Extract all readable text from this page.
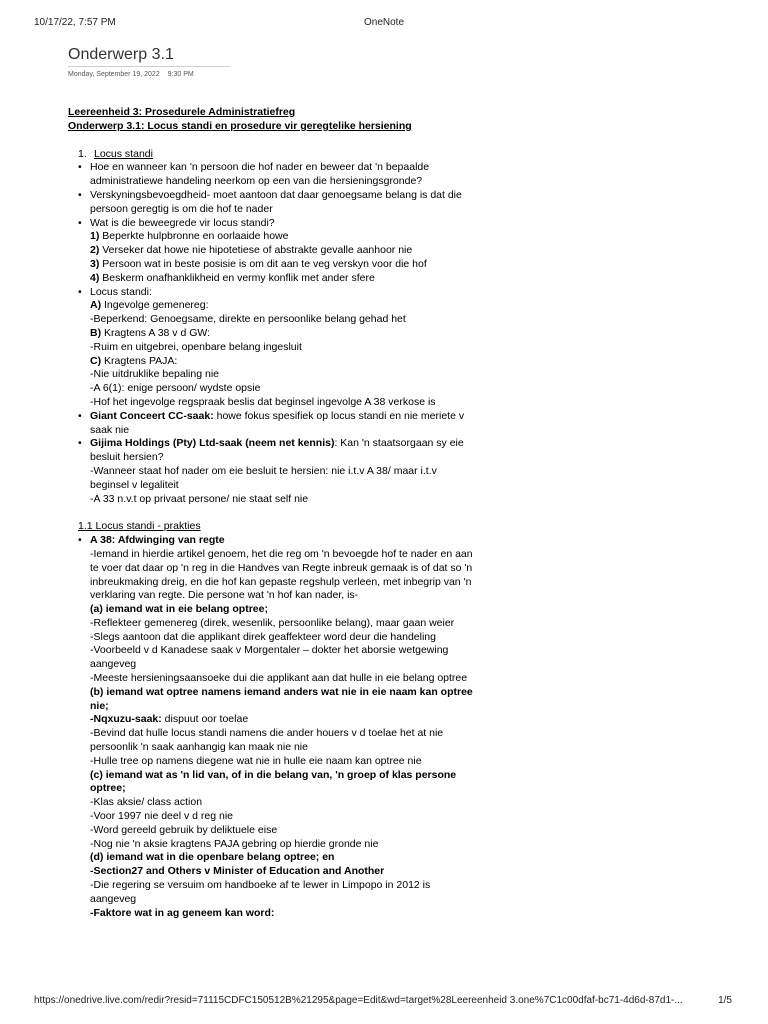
10/17/22, 7:57 PM	OneNote
Onderwerp 3.1
Monday, September 19, 2022 9:30 PM
Leereenheid 3: Prosedurele Administratiefreg
Onderwerp 3.1: Locus standi en prosedure vir geregtelike hersiening
1. Locus standi
• Hoe en wanneer kan 'n persoon die hof nader en beweer dat 'n bepaalde administratiewe handeling neerkom op een van die hersieningsgronde?
• Verskyningsbevoegdheid- moet aantoon dat daar genoegsame belang is dat die persoon geregtig is om die hof te nader
• Wat is die beweegrede vir locus standi?
1) Beperkte hulpbronne en oorlaaide howe
2) Verseker dat howe nie hipotetiese of abstrakte gevalle aanhoor nie
3) Persoon wat in beste posisie is om dit aan te veg verskyn voor die hof
4) Beskerm onafhanklikheid en vermy konflik met ander sfere
• Locus standi:
A) Ingevolge gemenereg:
-Beperkend: Genoegsame, direkte en persoonlike belang gehad het
B) Kragtens A 38 v d GW:
-Ruim en uitgebrei, openbare belang ingesluit
C) Kragtens PAJA:
-Nie uitdruklike bepaling nie
-A 6(1): enige persoon/ wydste opsie
-Hof het ingevolge regspraak beslis dat beginsel ingevolge A 38 verkose is
• Giant Conceert CC-saak: howe fokus spesifiek op locus standi en nie meriete v saak nie
• Gijima Holdings (Pty) Ltd-saak (neem net kennis): Kan 'n staatsorgaan sy eie besluit hersien?
-Wanneer staat hof nader om eie besluit te hersien: nie i.t.v A 38/ maar i.t.v beginsel v legaliteit
-A 33 n.v.t op privaat persone/ nie staat self nie
1.1 Locus standi - prakties
• A 38: Afdwinging van regte
-Iemand in hierdie artikel genoem, het die reg om 'n bevoegde hof te nader en aan te voer dat daar op 'n reg in die Handves van Regte inbreuk gemaak is of dat so 'n inbreukmaking dreig, en die hof kan gepaste regshulp verleen, met inbegrip van 'n verklaring van regte. Die persone wat 'n hof kan nader, is-
(a) iemand wat in eie belang optree;
-Reflekteer gemenereg (direk, wesenlik, persoonlike belang), maar gaan weier
-Slegs aantoon dat die applikant direk geaffekteer word deur die handeling
-Voorbeeld v d Kanadese saak v Morgentaler – dokter het aborsie wetgewing aangeveg
-Meeste hersieningsaansoeke dui die applikant aan dat hulle in eie belang optree
(b) iemand wat optree namens iemand anders wat nie in eie naam kan optree nie;
-Nqxuzu-saak: dispuut oor toelae
-Bevind dat hulle locus standi namens die ander houers v d toelae het at nie persoonlik 'n saak aanhangig kan maak nie nie
-Hulle tree op namens diegene wat nie in hulle eie naam kan optree nie
(c) iemand wat as 'n lid van, of in die belang van, 'n groep of klas persone optree;
-Klas aksie/ class action
-Voor 1997 nie deel v d reg nie
-Word gereeld gebruik by deliktuele eise
-Nog nie 'n aksie kragtens PAJA gebring op hierdie gronde nie
(d) iemand wat in die openbare belang optree; en
-Section27 and Others v Minister of Education and Another
-Die regering se versuim om handboeke af te lewer in Limpopo in 2012 is aangeveg
-Faktore wat in ag geneem kan word:
https://onedrive.live.com/redir?resid=71115CDFC150512B%21295&page=Edit&wd=target%28Leereenheid 3.one%7C1c00dfaf-bc71-4d6d-87d1-...	1/5
